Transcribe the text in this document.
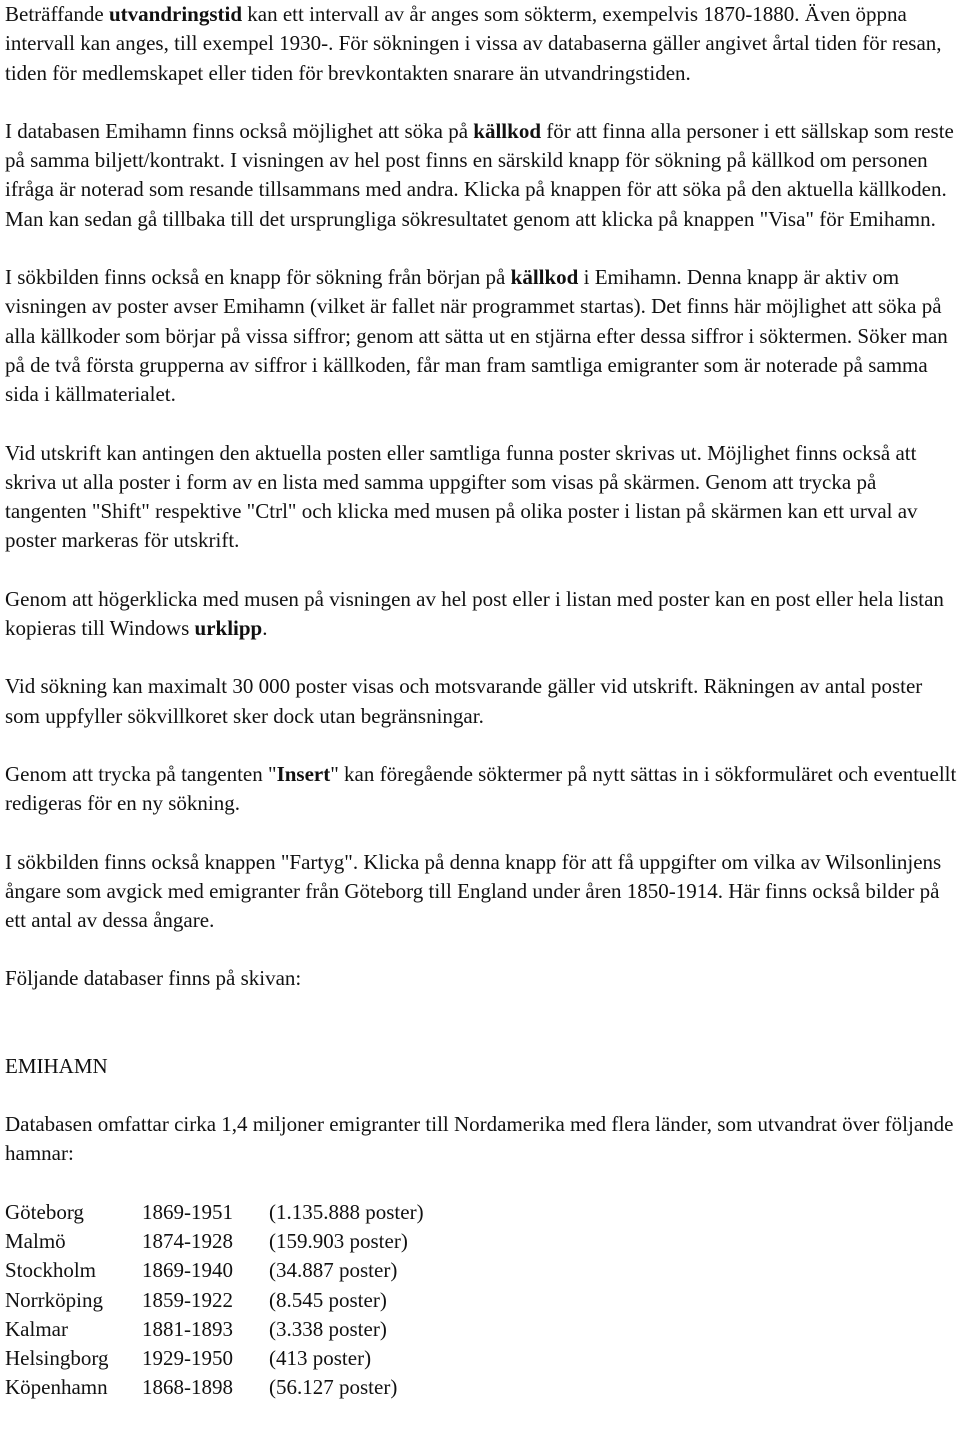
Beträffande utvandringstid kan ett intervall av år anges som sökterm, exempelvis 1870-1880. Även öppna intervall kan anges, till exempel 1930-. För sökningen i vissa av databaserna gäller angivet årtal tiden för resan, tiden för medlemskapet eller tiden för brevkontakten snarare än utvandringstiden.

I databasen Emihamn finns också möjlighet att söka på källkod för att finna alla personer i ett sällskap som reste på samma biljett/kontrakt. I visningen av hel post finns en särskild knapp för sökning på källkod om personen ifråga är noterad som resande tillsammans med andra. Klicka på knappen för att söka på den aktuella källkoden. Man kan sedan gå tillbaka till det ursprungliga sökresultatet genom att klicka på knappen "Visa" för Emihamn.

I sökbilden finns också en knapp för sökning från början på källkod i Emihamn. Denna knapp är aktiv om visningen av poster avser Emihamn (vilket är fallet när programmet startas). Det finns här möjlighet att söka på alla källkoder som börjar på vissa siffror; genom att sätta ut en stjärna efter dessa siffror i söktermen. Söker man på de två första grupperna av siffror i källkoden, får man fram samtliga emigranter som är noterade på samma sida i källmaterialet.

Vid utskrift kan antingen den aktuella posten eller samtliga funna poster skrivas ut. Möjlighet finns också att skriva ut alla poster i form av en lista med samma uppgifter som visas på skärmen. Genom att trycka på tangenten "Shift" respektive "Ctrl" och klicka med musen på olika poster i listan på skärmen kan ett urval av poster markeras för utskrift.

Genom att högerklicka med musen på visningen av hel post eller i listan med poster kan en post eller hela listan kopieras till Windows urklipp.

Vid sökning kan maximalt 30 000 poster visas och motsvarande gäller vid utskrift. Räkningen av antal poster som uppfyller sökvillkoret sker dock utan begränsningar.

Genom att trycka på tangenten "Insert" kan föregående söktermer på nytt sättas in i sökformuläret och eventuellt redigeras för en ny sökning.

I sökbilden finns också knappen "Fartyg". Klicka på denna knapp för att få uppgifter om vilka av Wilsonlinjens ångare som avgick med emigranter från Göteborg till England under åren 1850-1914. Här finns också bilder på ett antal av dessa ångare.

Följande databaser finns på skivan:

EMIHAMN

Databasen omfattar cirka 1,4 miljoner emigranter till Nordamerika med flera länder, som utvandrat över följande hamnar:

Göteborg	1869-1951	(1.135.888 poster)
Malmö	1874-1928	(159.903 poster)
Stockholm	1869-1940	(34.887 poster)
Norrköping	1859-1922	(8.545 poster)
Kalmar	1881-1893	(3.338 poster)
Helsingborg	1929-1950	(413 poster)
Köpenhamn	1868-1898	(56.127 poster)
